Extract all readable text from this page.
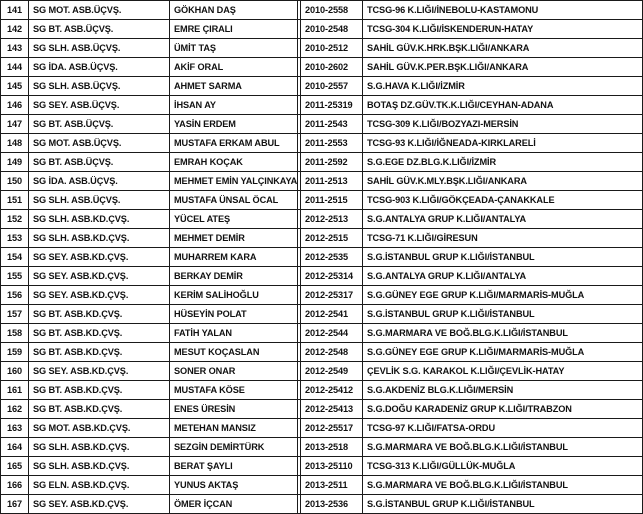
141	SG MOT. ASB.ÜÇVŞ.	GÖKHAN DAŞ		2010-2558	TCSG-96 K.LIĞI/İNEBOLU-KASTAMONU
142	SG BT. ASB.ÜÇVŞ.	EMRE ÇIRALI		2010-2548	TCSG-304 K.LIĞI/İSKENDERUN-HATAY
143	SG SLH. ASB.ÜÇVŞ.	ÜMİT TAŞ		2010-2512	SAHİL GÜV.K.HRK.BŞK.LIĞI/ANKARA
144	SG İDA. ASB.ÜÇVŞ.	AKİF ORAL		2010-2602	SAHİL GÜV.K.PER.BŞK.LIĞI/ANKARA
145	SG SLH. ASB.ÜÇVŞ.	AHMET SARMA		2010-2557	S.G.HAVA K.LIĞI/İZMİR
146	SG SEY. ASB.ÜÇVŞ.	İHSAN AY		2011-25319	BOTAŞ DZ.GÜV.TK.K.LIĞI/CEYHAN-ADANA
147	SG BT. ASB.ÜÇVŞ.	YASİN ERDEM		2011-2543	TCSG-309 K.LIĞI/BOZYAZI-MERSİN
148	SG MOT. ASB.ÜÇVŞ.	MUSTAFA ERKAM ABUL		2011-2553	TCSG-93 K.LIĞI/İĞNEADA-KIRKLARELİ
149	SG BT. ASB.ÜÇVŞ.	EMRAH KOÇAK		2011-2592	S.G.EGE DZ.BLG.K.LIĞI/İZMİR
150	SG İDA. ASB.ÜÇVŞ.	MEHMET EMİN YALÇINKAYA		2011-2513	SAHİL GÜV.K.MLY.BŞK.LIĞI/ANKARA
151	SG SLH. ASB.ÜÇVŞ.	MUSTAFA ÜNSAL ÖCAL		2011-2515	TCSG-903 K.LIĞI/GÖKÇEADA-ÇANAKKALE
152	SG SLH. ASB.KD.ÇVŞ.	YÜCEL ATEŞ		2012-2513	S.G.ANTALYA GRUP K.LIĞI/ANTALYA
153	SG SLH. ASB.KD.ÇVŞ.	MEHMET DEMİR		2012-2515	TCSG-71 K.LIĞI/GİRESUN
154	SG SEY. ASB.KD.ÇVŞ.	MUHARREM KARA		2012-2535	S.G.İSTANBUL GRUP K.LIĞI/İSTANBUL
155	SG SEY. ASB.KD.ÇVŞ.	BERKAY DEMİR		2012-25314	S.G.ANTALYA GRUP K.LIĞI/ANTALYA
156	SG SEY. ASB.KD.ÇVŞ.	KERİM SALİHOĞLU		2012-25317	S.G.GÜNEY EGE GRUP K.LIĞI/MARMARİS-MUĞLA
157	SG BT. ASB.KD.ÇVŞ.	HÜSEYİN POLAT		2012-2541	S.G.İSTANBUL GRUP K.LIĞI/İSTANBUL
158	SG BT. ASB.KD.ÇVŞ.	FATİH YALAN		2012-2544	S.G.MARMARA VE BOĞ.BLG.K.LIĞI/İSTANBUL
159	SG BT. ASB.KD.ÇVŞ.	MESUT KOÇASLAN		2012-2548	S.G.GÜNEY EGE GRUP K.LIĞI/MARMARİS-MUĞLA
160	SG SEY. ASB.KD.ÇVŞ.	SONER ONAR		2012-2549	ÇEVLİK S.G. KARAKOL K.LIĞI/ÇEVLİK-HATAY
161	SG BT. ASB.KD.ÇVŞ.	MUSTAFA KÖSE		2012-25412	S.G.AKDENİZ BLG.K.LIĞI/MERSİN
162	SG BT. ASB.KD.ÇVŞ.	ENES ÜRESİN		2012-25413	S.G.DOĞU KARADENİZ GRUP K.LIĞI/TRABZON
163	SG MOT. ASB.KD.ÇVŞ.	METEHAN MANSIZ		2012-25517	TCSG-97 K.LIĞI/FATSA-ORDU
164	SG SLH. ASB.KD.ÇVŞ.	SEZGİN DEMİRTÜRK		2013-2518	S.G.MARMARA VE BOĞ.BLG.K.LIĞI/İSTANBUL
165	SG SLH. ASB.KD.ÇVŞ.	BERAT ŞAYLI		2013-25110	TCSG-313 K.LIĞI/GÜLLÜK-MUĞLA
166	SG ELN. ASB.KD.ÇVŞ.	YUNUS AKTAŞ		2013-2511	S.G.MARMARA VE BOĞ.BLG.K.LIĞI/İSTANBUL
167	SG SEY. ASB.KD.ÇVŞ.	ÖMER İÇCAN		2013-2536	S.G.İSTANBUL GRUP K.LIĞI/İSTANBUL
